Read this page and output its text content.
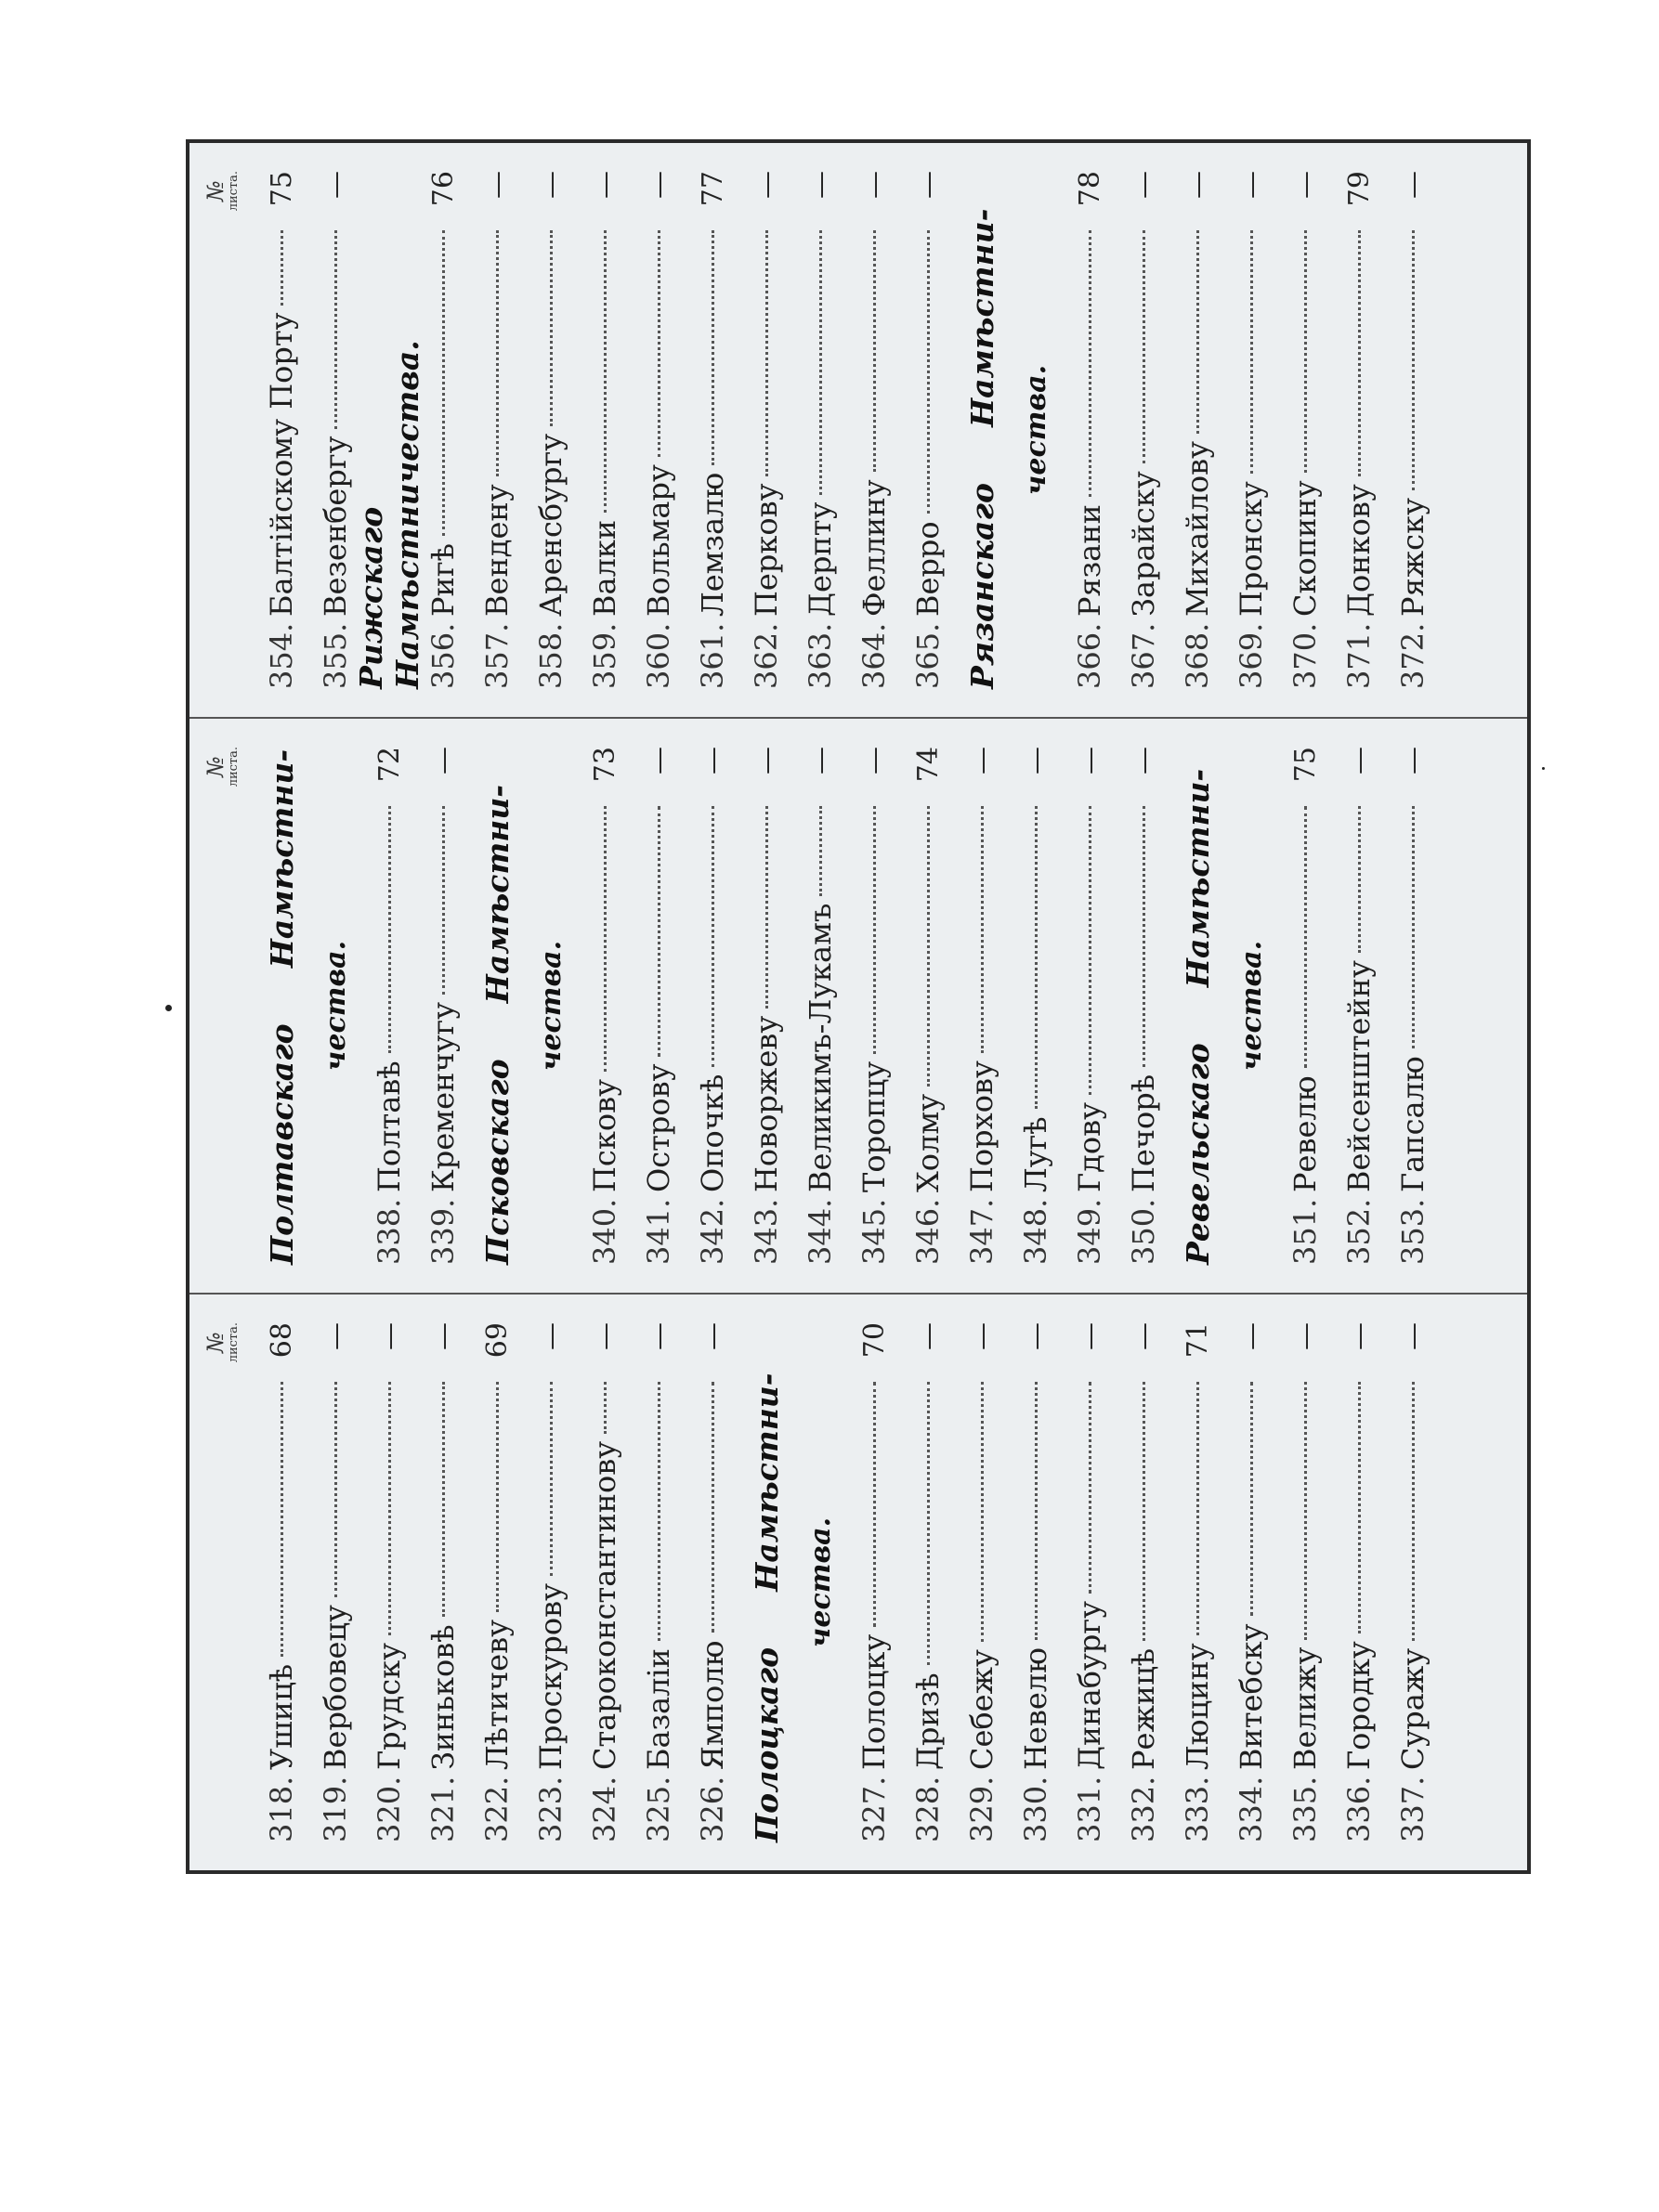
№
листа.
318.
Ушицѣ
68
319.
Вербовецу
—
320.
Грудску
—
321.
Зиньковѣ
—
322.
Лѣтичеву
69
323.
Проскурову
—
324.
Староконстантинову
—
325.
Базаліи
—
326.
Ямполю
—
Полоцкаго
Намѣстни- чества.
327.
Полоцку
70
328.
Дризѣ
—
329.
Себежу
—
330.
Невелю
—
331.
Динабургу
—
332.
Режицѣ
—
333.
Люцину
71
334.
Витебску
—
335.
Велижу
—
336.
Городку
—
337.
Суражу
—
№
листа.
Полтавскаго
Намѣстни-
чества.
338.
Полтавѣ
72
339.
Кременчугу
—
Псковскаго
Намѣстни-
чества.
340.
Пскову
73
341.
Острову
—
342.
Опочкѣ
—
343.
Новоржеву
—
344.
Великимъ-Лукамъ
—
345.
Торопцу
—
346.
Холму
74
347.
Порхову
—
348.
Лугѣ
—
349.
Гдову
—
350.
Печорѣ
—
Ревельскаго
Намѣстни-
чества.
351.
Ревелю
75
352.
Вейсенштейну
—
353.
Гапсалю
—
№
листа.
354.
Балтійскому Порту
75
355.
Везенбергу
—
Рижскаго Намѣстничества. 356.
Ригѣ
76
357.
Вендену
—
358.
Аренсбургу
—
359.
Валки
—
360.
Вольмару
—
361.
Лемзалю
77
362.
Перкову
—
363.
Дерпту
—
364.
Феллину
—
365.
Верро
—
Рязанскаго
Намѣстни-
чества.
366.
Рязани
78
367.
Зарайску
—
368.
Михайлову
—
369.
Пронску
—
370.
Скопину
—
371.
Донкову
79
372.
Ряжску
—
